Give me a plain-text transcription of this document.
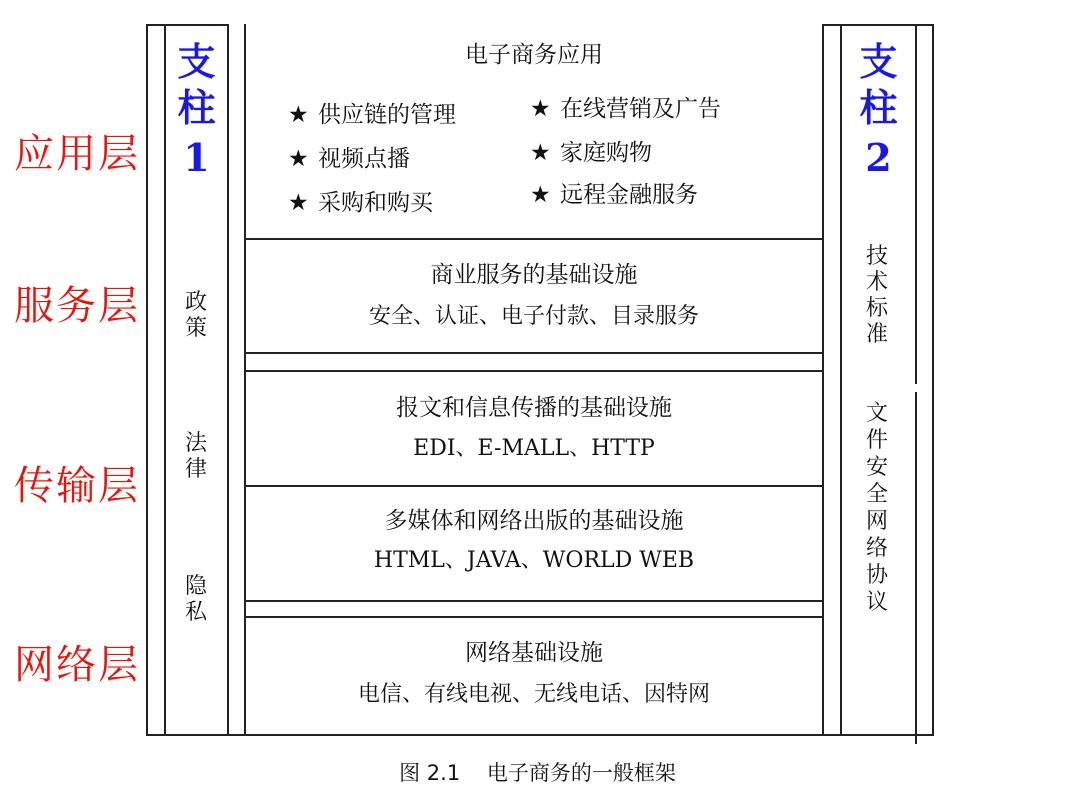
应用层
服务层
传输层
网络层
支
柱
1
政策
法律
隐私
支
柱
2
技术标准
文件安全网络协议
电子商务应用
★ 供应链的管理
★ 视频点播
★ 采购和购买
★ 在线营销及广告
★ 家庭购物
★ 远程金融服务
商业服务的基础设施
安全、认证、电子付款、目录服务
报文和信息传播的基础设施
EDI、E-MALL、HTTP
多媒体和网络出版的基础设施
HTML、JAVA、WORLD WEB
网络基础设施
电信、有线电视、无线电话、因特网
图 2.1    电子商务的一般框架
